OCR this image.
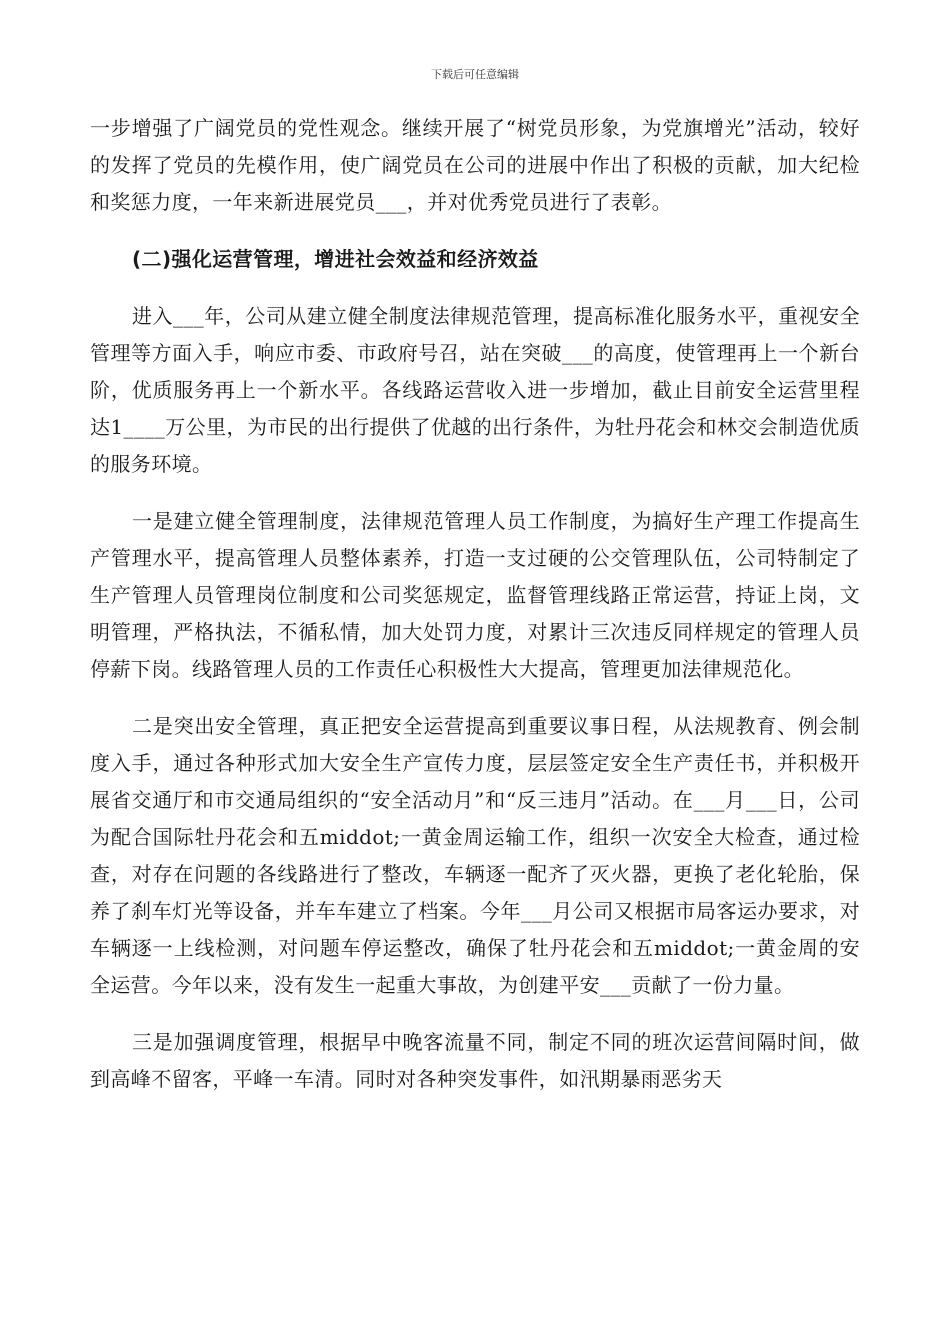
下载后可任意编辑

一步增强了广阔党员的党性观念。继续开展了“树党员形象，为党旗增光”活动，较好的发挥了党员的先模作用，使广阔党员在公司的进展中作出了积极的贡献，加大纪检和奖惩力度，一年来新进展党员___，并对优秀党员进行了表彰。

(二)强化运营管理，增进社会效益和经济效益

进入___年，公司从建立健全制度法律规范管理，提高标准化服务水平，重视安全管理等方面入手，响应市委、市政府号召，站在突破___的高度，使管理再上一个新台阶，优质服务再上一个新水平。各线路运营收入进一步增加，截止目前安全运营里程达1____万公里，为市民的出行提供了优越的出行条件，为牡丹花会和林交会制造优质的服务环境。

一是建立健全管理制度，法律规范管理人员工作制度，为搞好生产理工作提高生产管理水平，提高管理人员整体素养，打造一支过硬的公交管理队伍，公司特制定了生产管理人员管理岗位制度和公司奖惩规定，监督管理线路正常运营，持证上岗，文明管理，严格执法，不循私情，加大处罚力度，对累计三次违反同样规定的管理人员停薪下岗。线路管理人员的工作责任心积极性大大提高，管理更加法律规范化。

二是突出安全管理，真正把安全运营提高到重要议事日程，从法规教育、例会制度入手，通过各种形式加大安全生产宣传力度，层层签定安全生产责任书，并积极开展省交通厅和市交通局组织的“安全活动月”和“反三违月”活动。在___月___日，公司为配合国际牡丹花会和五middot;一黄金周运输工作，组织一次安全大检查，通过检查，对存在问题的各线路进行了整改，车辆逐一配齐了灭火器，更换了老化轮胎，保养了刹车灯光等设备，并车车建立了档案。今年___月公司又根据市局客运办要求，对车辆逐一上线检测，对问题车停运整改，确保了牡丹花会和五middot;一黄金周的安全运营。今年以来，没有发生一起重大事故，为创建平安___贡献了一份力量。

三是加强调度管理，根据早中晚客流量不同，制定不同的班次运营间隔时间，做到高峰不留客，平峰一车清。同时对各种突发事件，如汛期暴雨恶劣天
